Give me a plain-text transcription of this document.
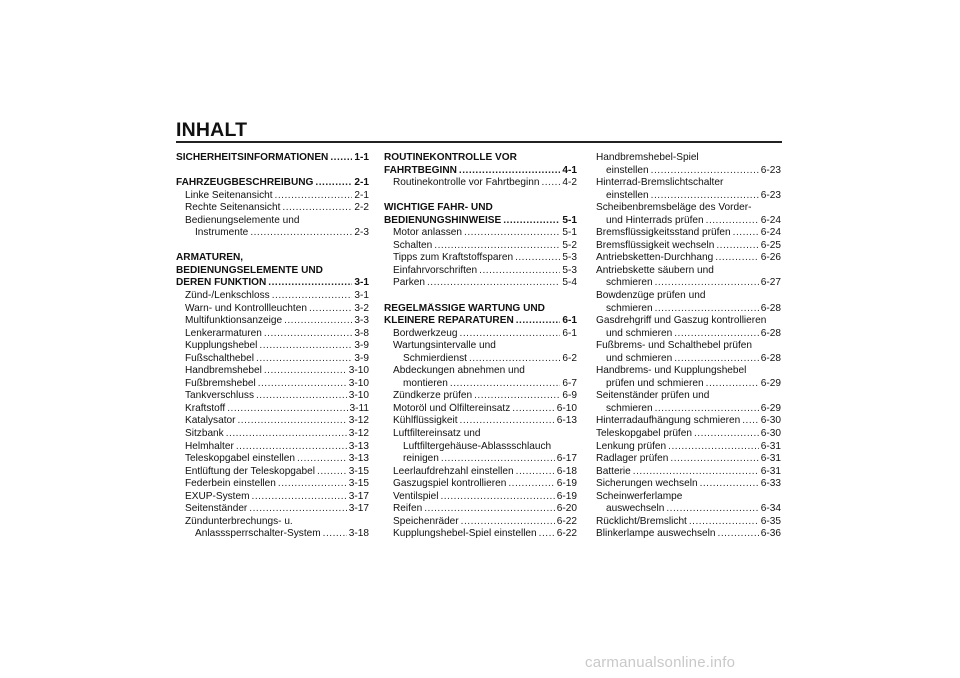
INHALT
SICHERHEITSINFORMATIONEN .....	1-1
FAHRZEUGBESCHREIBUNG .....	2-1
Linke Seitenansicht .....	2-1
Rechte Seitenansicht .....	2-2
Bedienungselemente und
Instrumente .....	2-3
ARMATUREN,
BEDIENUNGSELEMENTE UND
DEREN FUNKTION .....	3-1
Zünd-/Lenkschloss .....	3-1
Warn- und Kontrollleuchten .....	3-2
Multifunktionsanzeige .....	3-3
Lenkerarmaturen .....	3-8
Kupplungshebel .....	3-9
Fußschalthebel .....	3-9
Handbremshebel .....	3-10
Fußbremshebel .....	3-10
Tankverschluss .....	3-10
Kraftstoff .....	3-11
Katalysator .....	3-12
Sitzbank .....	3-12
Helmhalter .....	3-13
Teleskopgabel einstellen .....	3-13
Entlüftung der Teleskopgabel .....	3-15
Federbein einstellen .....	3-15
EXUP-System .....	3-17
Seitenständer .....	3-17
Zündunterbrechungs- u.
Anlasssperrschalter-System .....	3-18
ROUTINEKONTROLLE VOR
FAHRTBEGINN .....	4-1
Routinekontrolle vor Fahrtbeginn ..... 4-2
WICHTIGE FAHR- UND
BEDIENUNGSHINWEISE .....	5-1
Motor anlassen .....	5-1
Schalten .....	5-2
Tipps zum Kraftstoffsparen .....	5-3
Einfahrvorschriften .....	5-3
Parken .....	5-4
REGELMÄSSIGE WARTUNG UND
KLEINERE REPARATUREN .....	6-1
Bordwerkzeug .....	6-1
Wartungsintervalle und
Schmierdienst .....	6-2
Abdeckungen abnehmen und
montieren .....	6-7
Zündkerze prüfen .....	6-9
Motoröl und Ölfiltereinsatz .....	6-10
Kühlflüssigkeit .....	6-13
Luftfiltereinsatz und
Luftfiltergehäuse-Ablassschlauch
reinigen .....	6-17
Leerlaufdrehzahl einstellen .....	6-18
Gaszugspiel kontrollieren .....	6-19
Ventilspiel .....	6-19
Reifen .....	6-20
Speichenräder .....	6-22
Kupplungshebel-Spiel einstellen ..... 6-22
Handbremshebel-Spiel
einstellen .....	6-23
Hinterrad-Bremslichtschalter
einstellen .....	6-23
Scheibenbremsbeläge des Vorder-
und Hinterrads prüfen .....	6-24
Bremsflüssigkeitsstand prüfen .....	6-24
Bremsflüssigkeit wechseln .....	6-25
Antriebsketten-Durchhang .....	6-26
Antriebskette säubern und
schmieren .....	6-27
Bowdenzüge prüfen und
schmieren .....	6-28
Gasdrehgriff und Gaszug kontrollieren
und schmieren .....	6-28
Fußbrems- und Schalthebel prüfen
und schmieren .....	6-28
Handbrems- und Kupplungshebel
prüfen und schmieren .....	6-29
Seitenständer prüfen und
schmieren .....	6-29
Hinterradaufhängung schmieren ..... 6-30
Teleskopgabel prüfen .....	6-30
Lenkung prüfen .....	6-31
Radlager prüfen .....	6-31
Batterie .....	6-31
Sicherungen wechseln .....	6-33
Scheinwerferlampe
auswechseln .....	6-34
Rücklicht/Bremslicht .....	6-35
Blinkerlampe auswechseln .....	6-36
carmanualsonline.info
